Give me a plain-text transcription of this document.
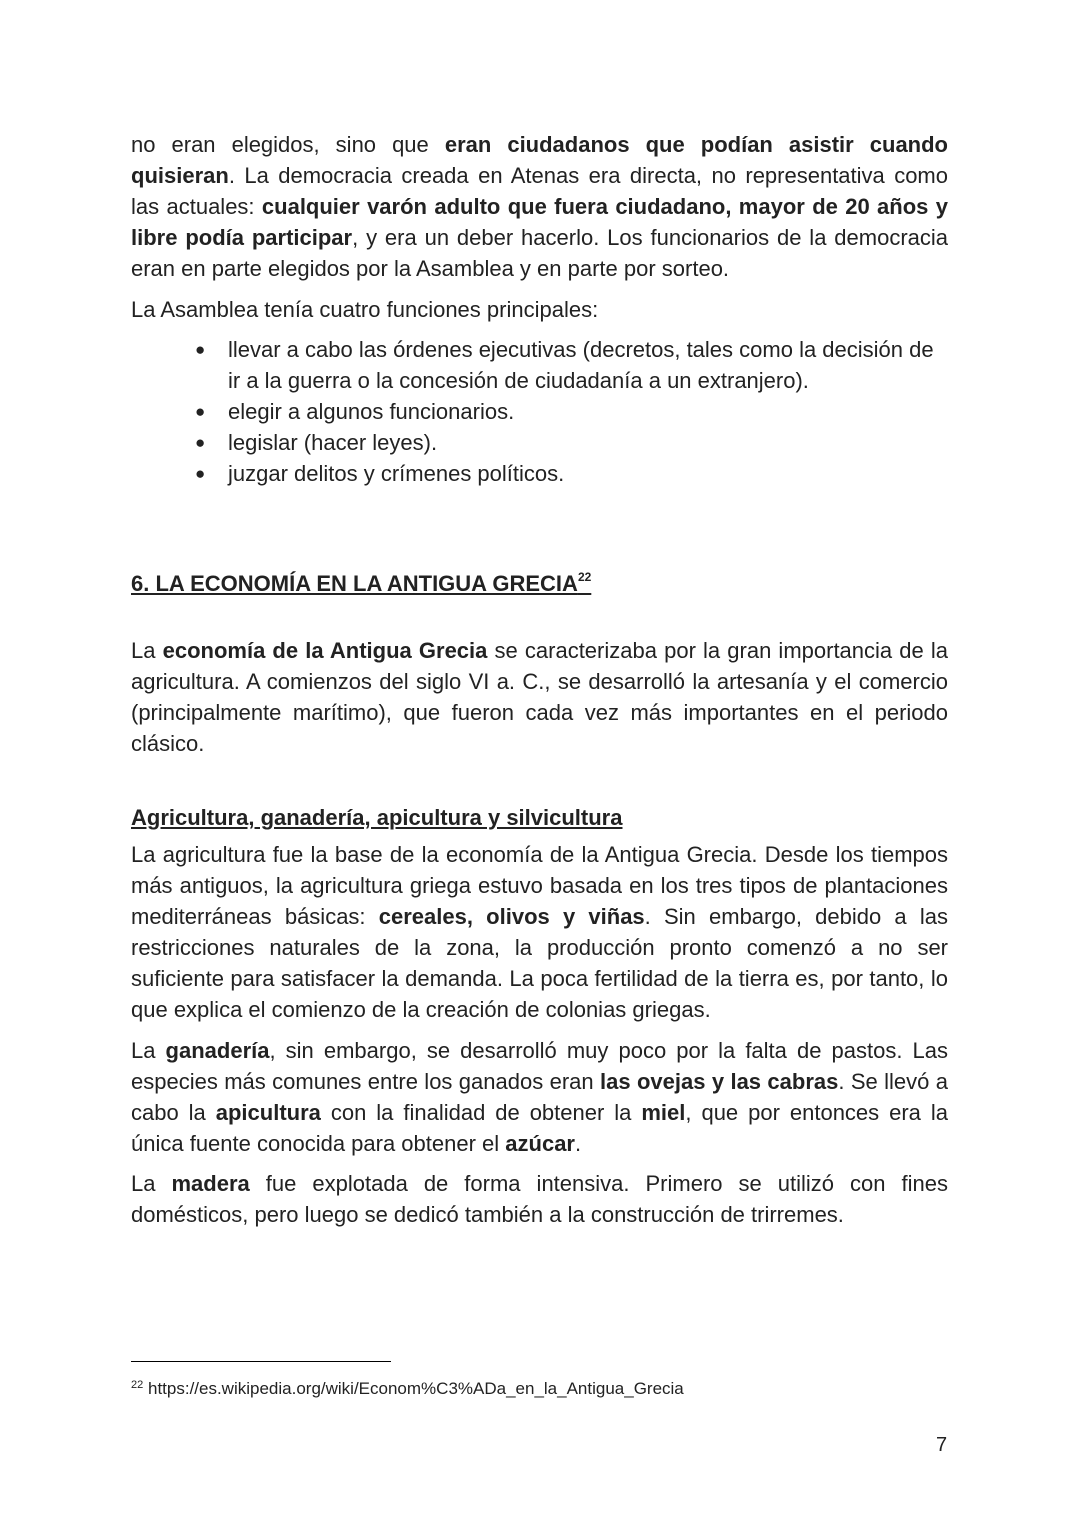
no eran elegidos, sino que eran ciudadanos que podían asistir cuando quisieran. La democracia creada en Atenas era directa, no representativa como las actuales: cualquier varón adulto que fuera ciudadano, mayor de 20 años y libre podía participar, y era un deber hacerlo. Los funcionarios de la democracia eran en parte elegidos por la Asamblea y en parte por sorteo.
La Asamblea tenía cuatro funciones principales:
● llevar a cabo las órdenes ejecutivas (decretos, tales como la decisión de ir a la guerra o la concesión de ciudadanía a un extranjero).
● elegir a algunos funcionarios.
● legislar (hacer leyes).
● juzgar delitos y crímenes políticos.
6. LA ECONOMÍA EN LA ANTIGUA GRECIA$^{22}$
La economía de la Antigua Grecia se caracterizaba por la gran importancia de la agricultura. A comienzos del siglo VI a. C., se desarrolló la artesanía y el comercio (principalmente marítimo), que fueron cada vez más importantes en el periodo clásico.
Agricultura, ganadería, apicultura y silvicultura
La agricultura fue la base de la economía de la Antigua Grecia. Desde los tiempos más antiguos, la agricultura griega estuvo basada en los tres tipos de plantaciones mediterráneas básicas: cereales, olivos y viñas. Sin embargo, debido a las restricciones naturales de la zona, la producción pronto comenzó a no ser suficiente para satisfacer la demanda. La poca fertilidad de la tierra es, por tanto, lo que explica el comienzo de la creación de colonias griegas.
La ganadería, sin embargo, se desarrolló muy poco por la falta de pastos. Las especies más comunes entre los ganados eran las ovejas y las cabras. Se llevó a cabo la apicultura con la finalidad de obtener la miel, que por entonces era la única fuente conocida para obtener el azúcar.
La madera fue explotada de forma intensiva. Primero se utilizó con fines domésticos, pero luego se dedicó también a la construcción de trirremes.
$^{22}$ https://es.wikipedia.org/wiki/Econom%C3%ADa_en_la_Antigua_Grecia
7
